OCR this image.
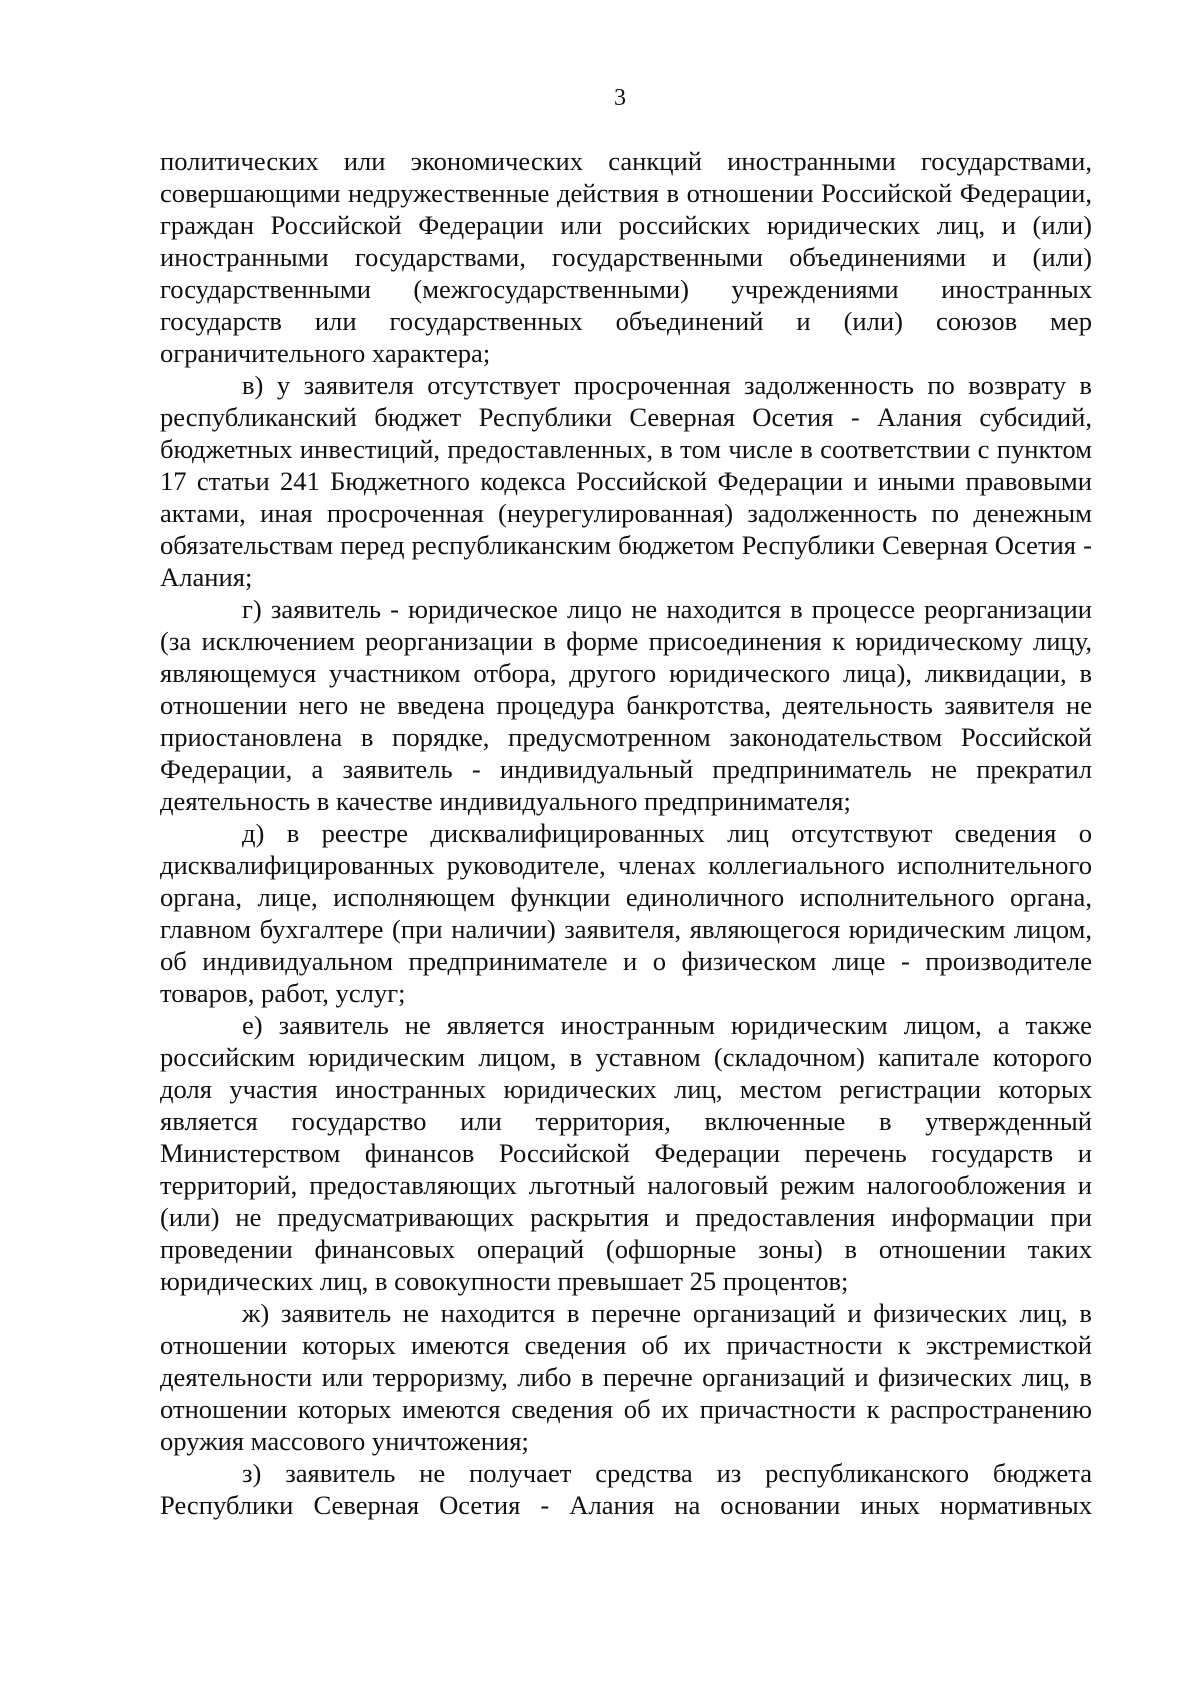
3

политических или экономических санкций иностранными государствами, совершающими недружественные действия в отношении Российской Федерации, граждан Российской Федерации или российских юридических лиц, и (или) иностранными государствами, государственными объединениями и (или) государственными (межгосударственными) учреждениями иностранных государств или государственных объединений и (или) союзов мер ограничительного характера;

в) у заявителя отсутствует просроченная задолженность по возврату в республиканский бюджет Республики Северная Осетия - Алания субсидий, бюджетных инвестиций, предоставленных, в том числе в соответствии с пунктом 17 статьи 241 Бюджетного кодекса Российской Федерации и иными правовыми актами, иная просроченная (неурегулированная) задолженность по денежным обязательствам перед республиканским бюджетом Республики Северная Осетия - Алания;

г) заявитель - юридическое лицо не находится в процессе реорганизации (за исключением реорганизации в форме присоединения к юридическому лицу, являющемуся участником отбора, другого юридического лица), ликвидации, в отношении него не введена процедура банкротства, деятельность заявителя не приостановлена в порядке, предусмотренном законодательством Российской Федерации, а заявитель - индивидуальный предприниматель не прекратил деятельность в качестве индивидуального предпринимателя;

д) в реестре дисквалифицированных лиц отсутствуют сведения о дисквалифицированных руководителе, членах коллегиального исполнительного органа, лице, исполняющем функции единоличного исполнительного органа, главном бухгалтере (при наличии) заявителя, являющегося юридическим лицом, об индивидуальном предпринимателе и о физическом лице - производителе товаров, работ, услуг;

е) заявитель не является иностранным юридическим лицом, а также российским юридическим лицом, в уставном (складочном) капитале которого доля участия иностранных юридических лиц, местом регистрации которых является государство или территория, включенные в утвержденный Министерством финансов Российской Федерации перечень государств и территорий, предоставляющих льготный налоговый режим налогообложения и (или) не предусматривающих раскрытия и предоставления информации при проведении финансовых операций (офшорные зоны) в отношении таких юридических лиц, в совокупности превышает 25 процентов;

ж) заявитель не находится в перечне организаций и физических лиц, в отношении которых имеются сведения об их причастности к экстремисткой деятельности или терроризму, либо в перечне организаций и физических лиц, в отношении которых имеются сведения об их причастности к распространению оружия массового уничтожения;

з) заявитель не получает средства из республиканского бюджета Республики Северная Осетия - Алания на основании иных нормативных
